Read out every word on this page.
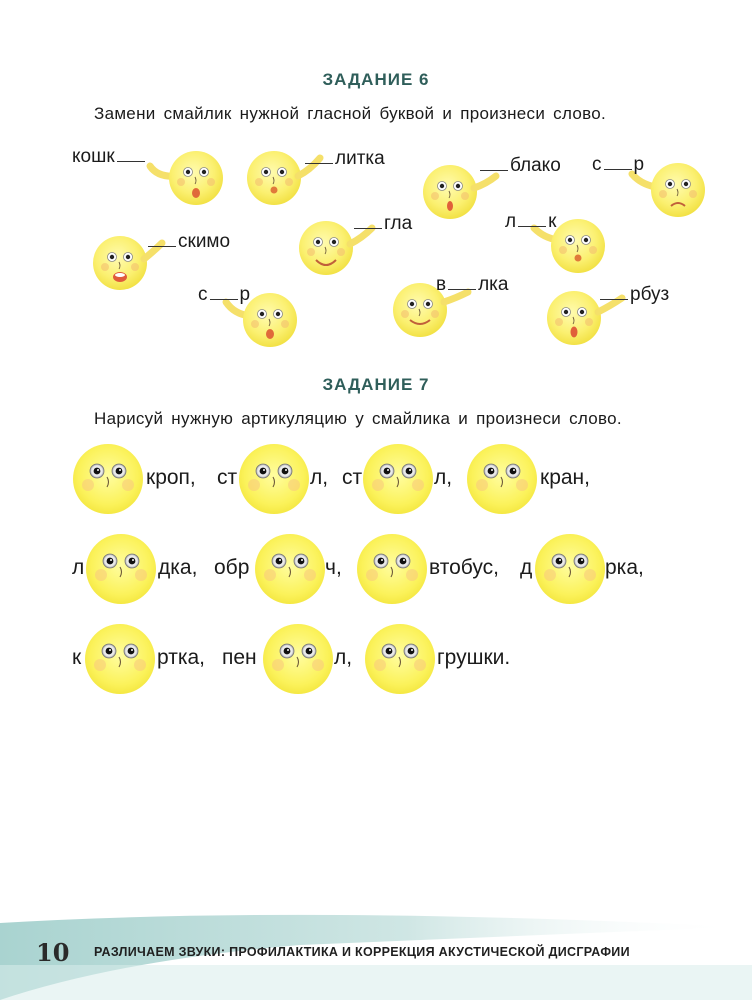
ЗАДАНИЕ 6
Замени смайлик нужной гласной буквой и произнеси слово.
кошк	литка	блако с р
скимо
гла	л к
с р	в лка	рбуз
ЗАДАНИЕ 7
Нарисуй нужную артикуляцию у смайлика и произнеси слово.
кроп, ст	л, ст	л,	кран,
л	дка, обр	ч,	втобус, д	рка,
к	ртка, пен	л,	грушки.
10 РАЗЛИЧАЕМ ЗВУКИ: ПРОФИЛАКТИКА И КОРРЕКЦИЯ АКУСТИЧЕСКОЙ ДИСГРАФИИ
